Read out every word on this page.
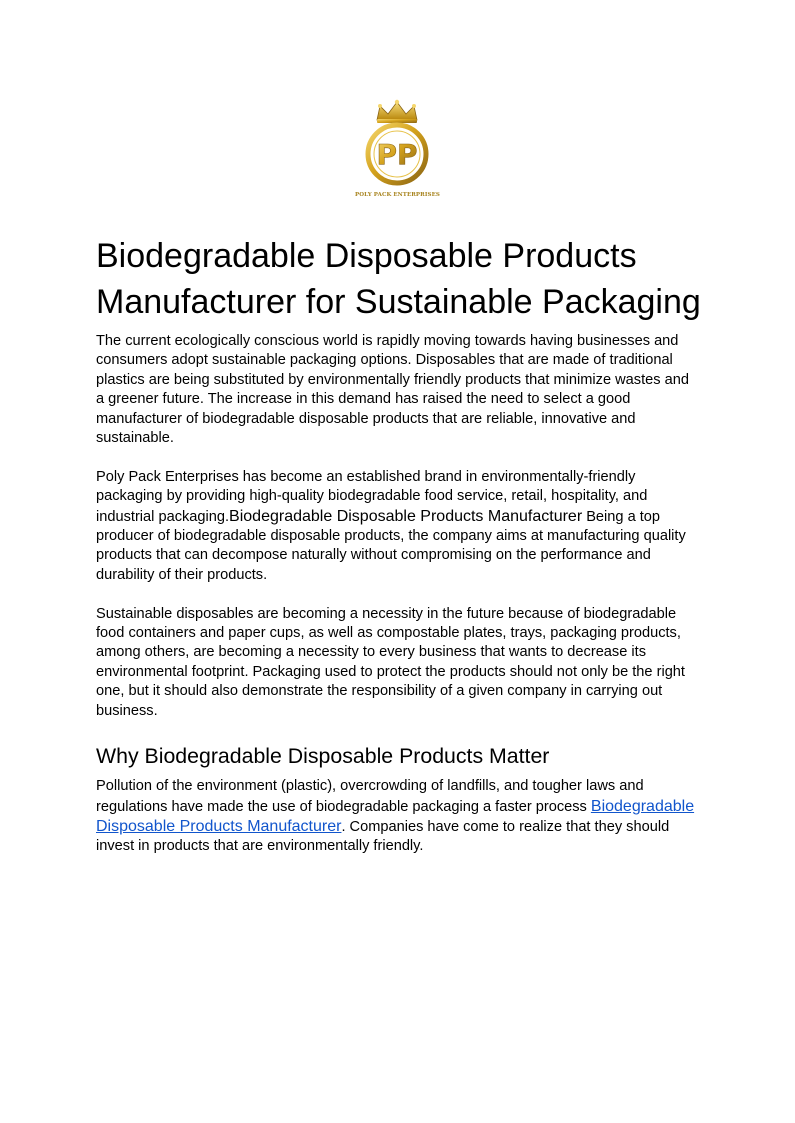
PP
POLY PACK ENTERPRISES
Biodegradable Disposable Products Manufacturer for Sustainable Packaging

The current ecologically conscious world is rapidly moving towards having businesses and consumers adopt sustainable packaging options. Disposables that are made of traditional plastics are being substituted by environmentally friendly products that minimize wastes and a greener future. The increase in this demand has raised the need to select a good manufacturer of biodegradable disposable products that are reliable, innovative and sustainable.

Poly Pack Enterprises has become an established brand in environmentally-friendly packaging by providing high-quality biodegradable food service, retail, hospitality, and industrial packaging.Biodegradable Disposable Products Manufacturer Being a top producer of biodegradable disposable products, the company aims at manufacturing quality products that can decompose naturally without compromising on the performance and durability of their products.

Sustainable disposables are becoming a necessity in the future because of biodegradable food containers and paper cups, as well as compostable plates, trays, packaging products, among others, are becoming a necessity to every business that wants to decrease its environmental footprint. Packaging used to protect the products should not only be the right one, but it should also demonstrate the responsibility of a given company in carrying out business.

Why Biodegradable Disposable Products Matter

Pollution of the environment (plastic), overcrowding of landfills, and tougher laws and regulations have made the use of biodegradable packaging a faster process Biodegradable Disposable Products Manufacturer. Companies have come to realize that they should invest in products that are environmentally friendly.
